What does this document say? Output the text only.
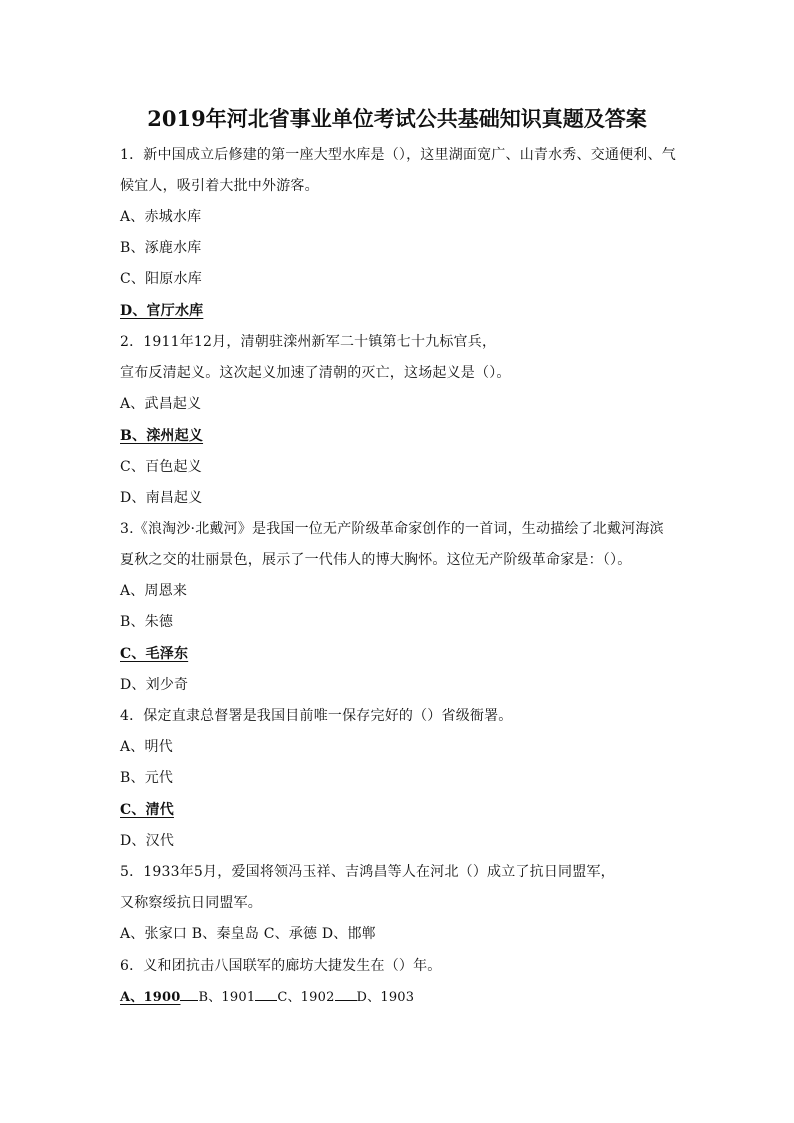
2019年河北省事业单位考试公共基础知识真题及答案
1．新中国成立后修建的第一座大型水库是（），这里湖面宽广、山青水秀、交通便利、气
候宜人，吸引着大批中外游客。
A、赤城水库
B、涿鹿水库
C、阳原水库
D、官厅水库
2．1911年12月，清朝驻滦州新军二十镇第七十九标官兵，
宣布反清起义。这次起义加速了清朝的灭亡，这场起义是（）。
A、武昌起义
B、滦州起义
C、百色起义
D、南昌起义
3.《浪淘沙·北戴河》是我国一位无产阶级革命家创作的一首词，生动描绘了北戴河海滨
夏秋之交的壮丽景色，展示了一代伟人的博大胸怀。这位无产阶级革命家是：（）。
A、周恩来
B、朱德
C、毛泽东
D、刘少奇
4．保定直隶总督署是我国目前唯一保存完好的（）省级衙署。
A、明代
B、元代
C、清代
D、汉代
5．1933年5月，爱国将领冯玉祥、吉鸿昌等人在河北（）成立了抗日同盟军，
又称察绥抗日同盟军。
A、张家口 B、秦皇岛 C、承德 D、邯郸
6．义和团抗击八国联军的廊坊大捷发生在（）年。
A、1900 B、1901 C、1902 D、1903
